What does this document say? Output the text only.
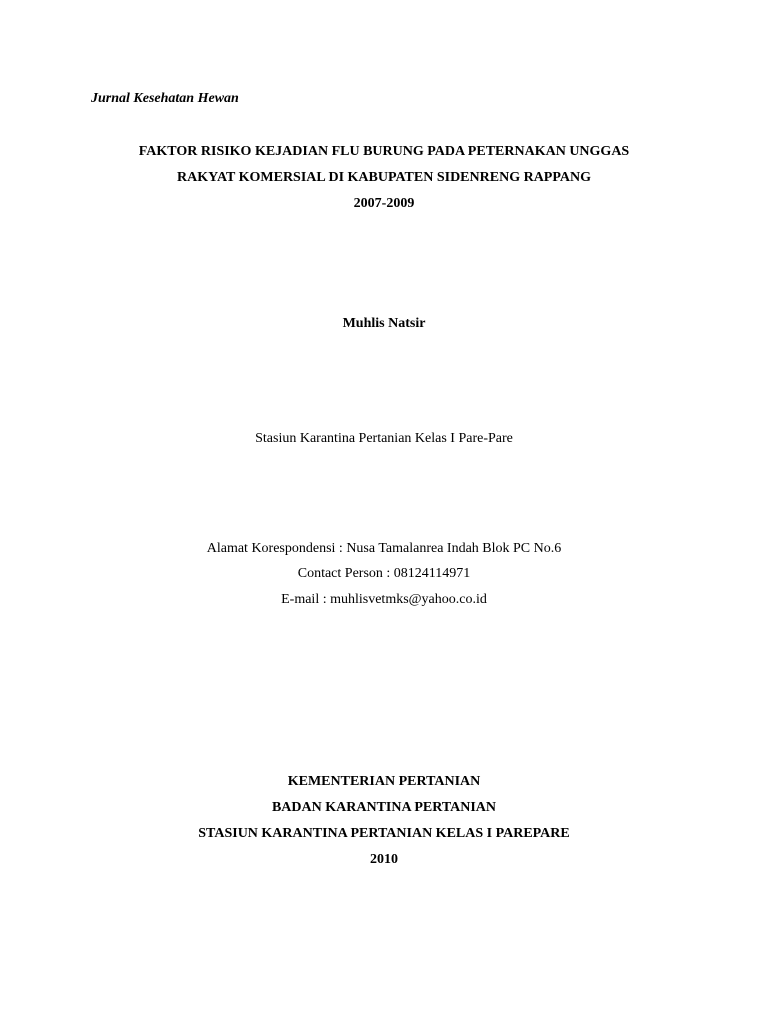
Jurnal Kesehatan Hewan
FAKTOR RISIKO KEJADIAN FLU BURUNG PADA PETERNAKAN UNGGAS
RAKYAT KOMERSIAL DI KABUPATEN SIDENRENG RAPPANG
2007-2009
Muhlis Natsir
Stasiun Karantina Pertanian Kelas I Pare-Pare
Alamat Korespondensi : Nusa Tamalanrea Indah Blok PC No.6
Contact Person : 08124114971
E-mail : muhlisvetmks@yahoo.co.id
KEMENTERIAN PERTANIAN
BADAN KARANTINA PERTANIAN
STASIUN KARANTINA PERTANIAN KELAS I PAREPARE
2010
